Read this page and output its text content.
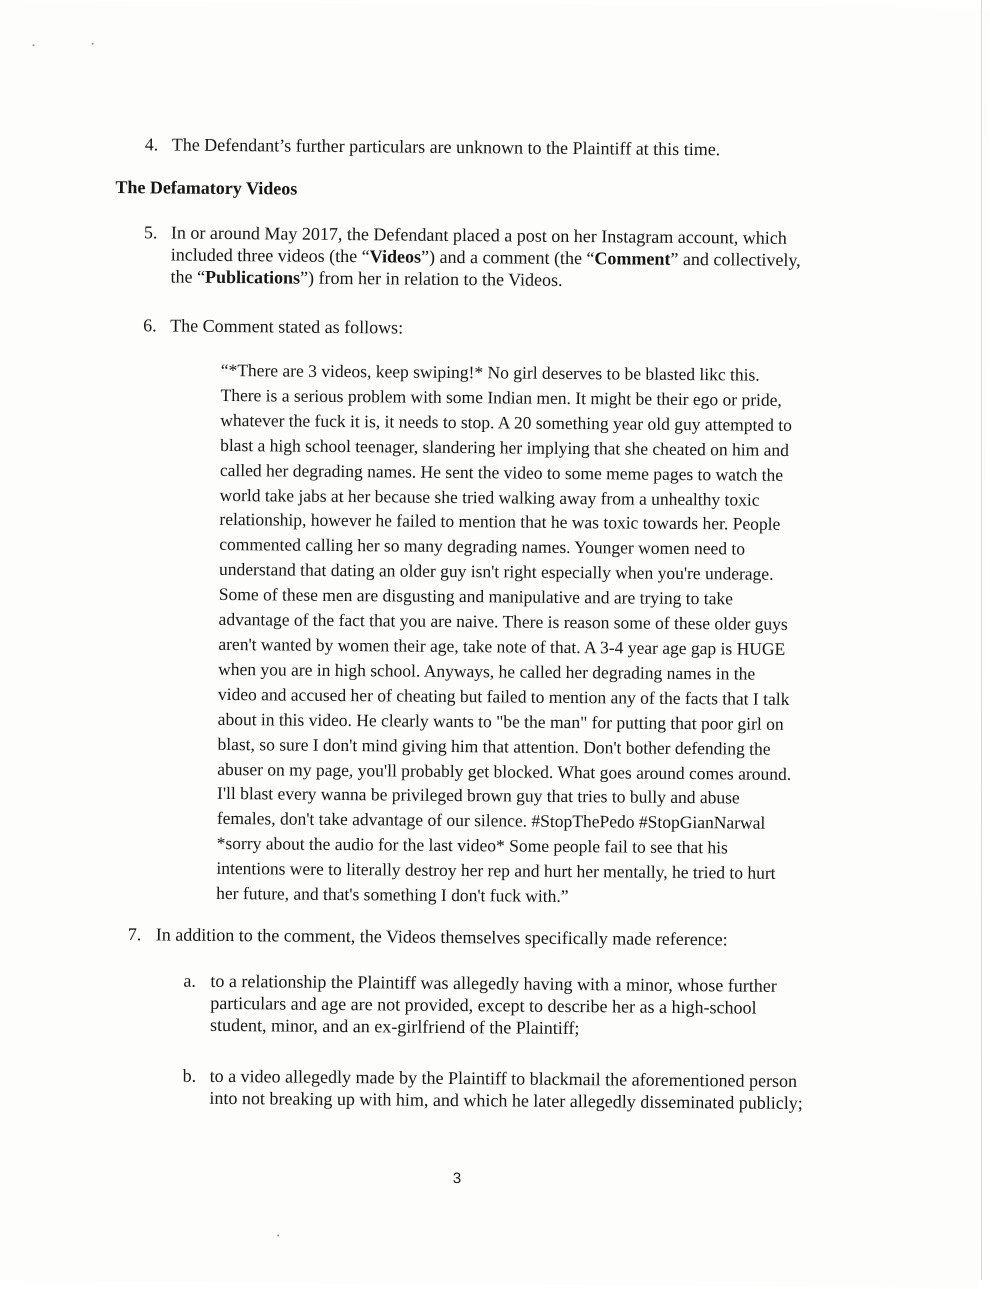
4. The Defendant’s further particulars are unknown to the Plaintiff at this time.
The Defamatory Videos
5. In or around May 2017, the Defendant placed a post on her Instagram account, which
included three videos (the “Videos”) and a comment (the “Comment” and collectively,
the “Publications”) from her in relation to the Videos.
6. The Comment stated as follows:
“*There are 3 videos, keep swiping!* No girl deserves to be blasted likc this.
There is a serious problem with some Indian men. It might be their ego or pride,
whatever the fuck it is, it needs to stop. A 20 something year old guy attempted to
blast a high school teenager, slandering her implying that she cheated on him and
called her degrading names. He sent the video to some meme pages to watch the
world take jabs at her because she tried walking away from a unhealthy toxic
relationship, however he failed to mention that he was toxic towards her. People
commented calling her so many degrading names. Younger women need to
understand that dating an older guy isn't right especially when you're underage.
Some of these men are disgusting and manipulative and are trying to take
advantage of the fact that you are naive. There is reason some of these older guys
aren't wanted by women their age, take note of that. A 3-4 year age gap is HUGE
when you are in high school. Anyways, he called her degrading names in the
video and accused her of cheating but failed to mention any of the facts that I talk
about in this video. He clearly wants to "be the man" for putting that poor girl on
blast, so sure I don't mind giving him that attention. Don't bother defending the
abuser on my page, you'll probably get blocked. What goes around comes around.
I'll blast every wanna be privileged brown guy that tries to bully and abuse
females, don't take advantage of our silence. #StopThePedo #StopGianNarwal
*sorry about the audio for the last video* Some people fail to see that his
intentions were to literally destroy her rep and hurt her mentally, he tried to hurt
her future, and that's something I don't fuck with.”
7. In addition to the comment, the Videos themselves specifically made reference:
a. to a relationship the Plaintiff was allegedly having with a minor, whose further
particulars and age are not provided, except to describe her as a high-school
student, minor, and an ex-girlfriend of the Plaintiff;
b. to a video allegedly made by the Plaintiff to blackmail the aforementioned person
into not breaking up with him, and which he later allegedly disseminated publicly;
3
